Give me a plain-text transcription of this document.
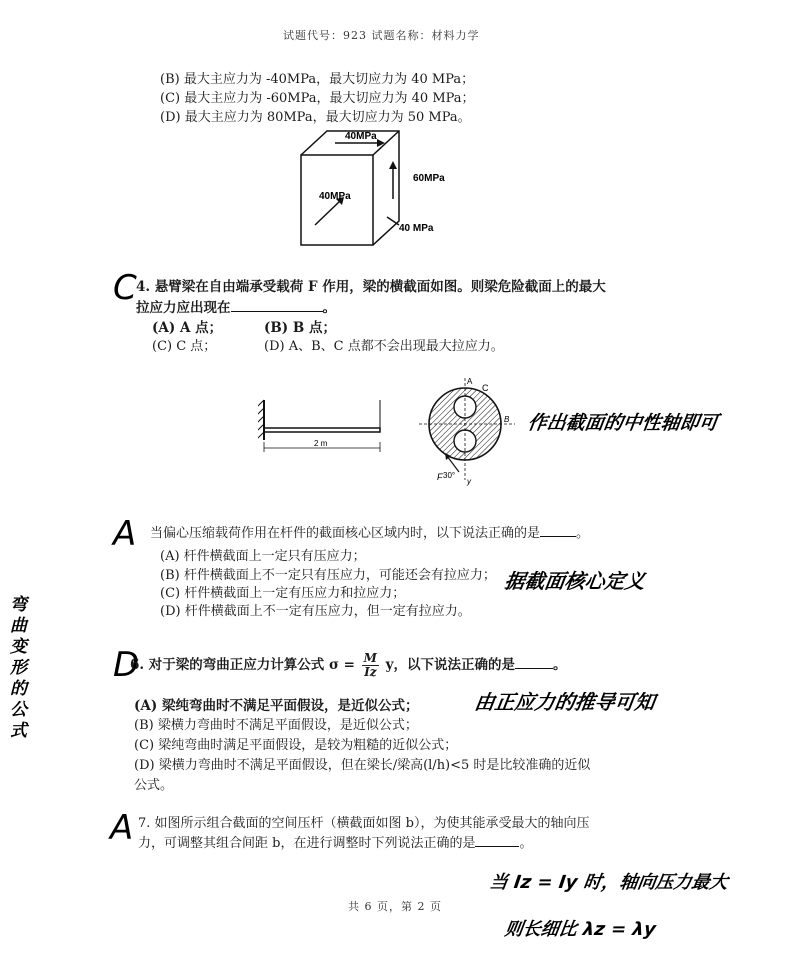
试题代号：923 试题名称：材料力学
(B) 最大主应力为 -40MPa，最大切应力为 40 MPa；
(C) 最大主应力为 -60MPa，最大切应力为 40 MPa；
(D) 最大主应力为 80MPa，最大切应力为 50 MPa。
40MPa
60MPa
40MPa
40 MPa
C 4. 悬臂梁在自由端承受载荷 F 作用，梁的横截面如图。则梁危险截面上的最大
拉应力应出现在	。
(A) A 点；	(B) B 点；
(C) C 点；	(D) A、B、C 点都不会出现最大拉应力。
2 m
A
C
B
F 30°
y
作出截面的中性轴即可
A 当偏心压缩载荷作用在杆件的截面核心区域内时，以下说法正确的是	。
(A) 杆件横截面上一定只有压应力；
(B) 杆件横截面上不一定只有压应力，可能还会有拉应力；
(C) 杆件横截面上一定有压应力和拉应力；
(D) 杆件横截面上不一定有压应力，但一定有拉应力。
据截面核心定义
弯曲变形的公式	D
6. 对于梁的弯曲正应力计算公式 $\sigma = \frac{M}{Iz}$ y，以下说法正确的是	。
(A) 梁纯弯曲时不满足平面假设，是近似公式；
(B) 梁横力弯曲时不满足平面假设，是近似公式；
(C) 梁纯弯曲时满足平面假设，是较为粗糙的近似公式；
(D) 梁横力弯曲时不满足平面假设，但在梁长/梁高(l/h)<5 时是比较准确的近似
公式。
由正应力的推导可知
A 7. 如图所示组合截面的空间压杆（横截面如图 b），为使其能承受最大的轴向压
力，可调整其组合间距 b，在进行调整时下列说法正确的是	。
当 Iz = Iy 时，轴向压力最大
则长细比 λz = λy
共 6 页，第 2 页
